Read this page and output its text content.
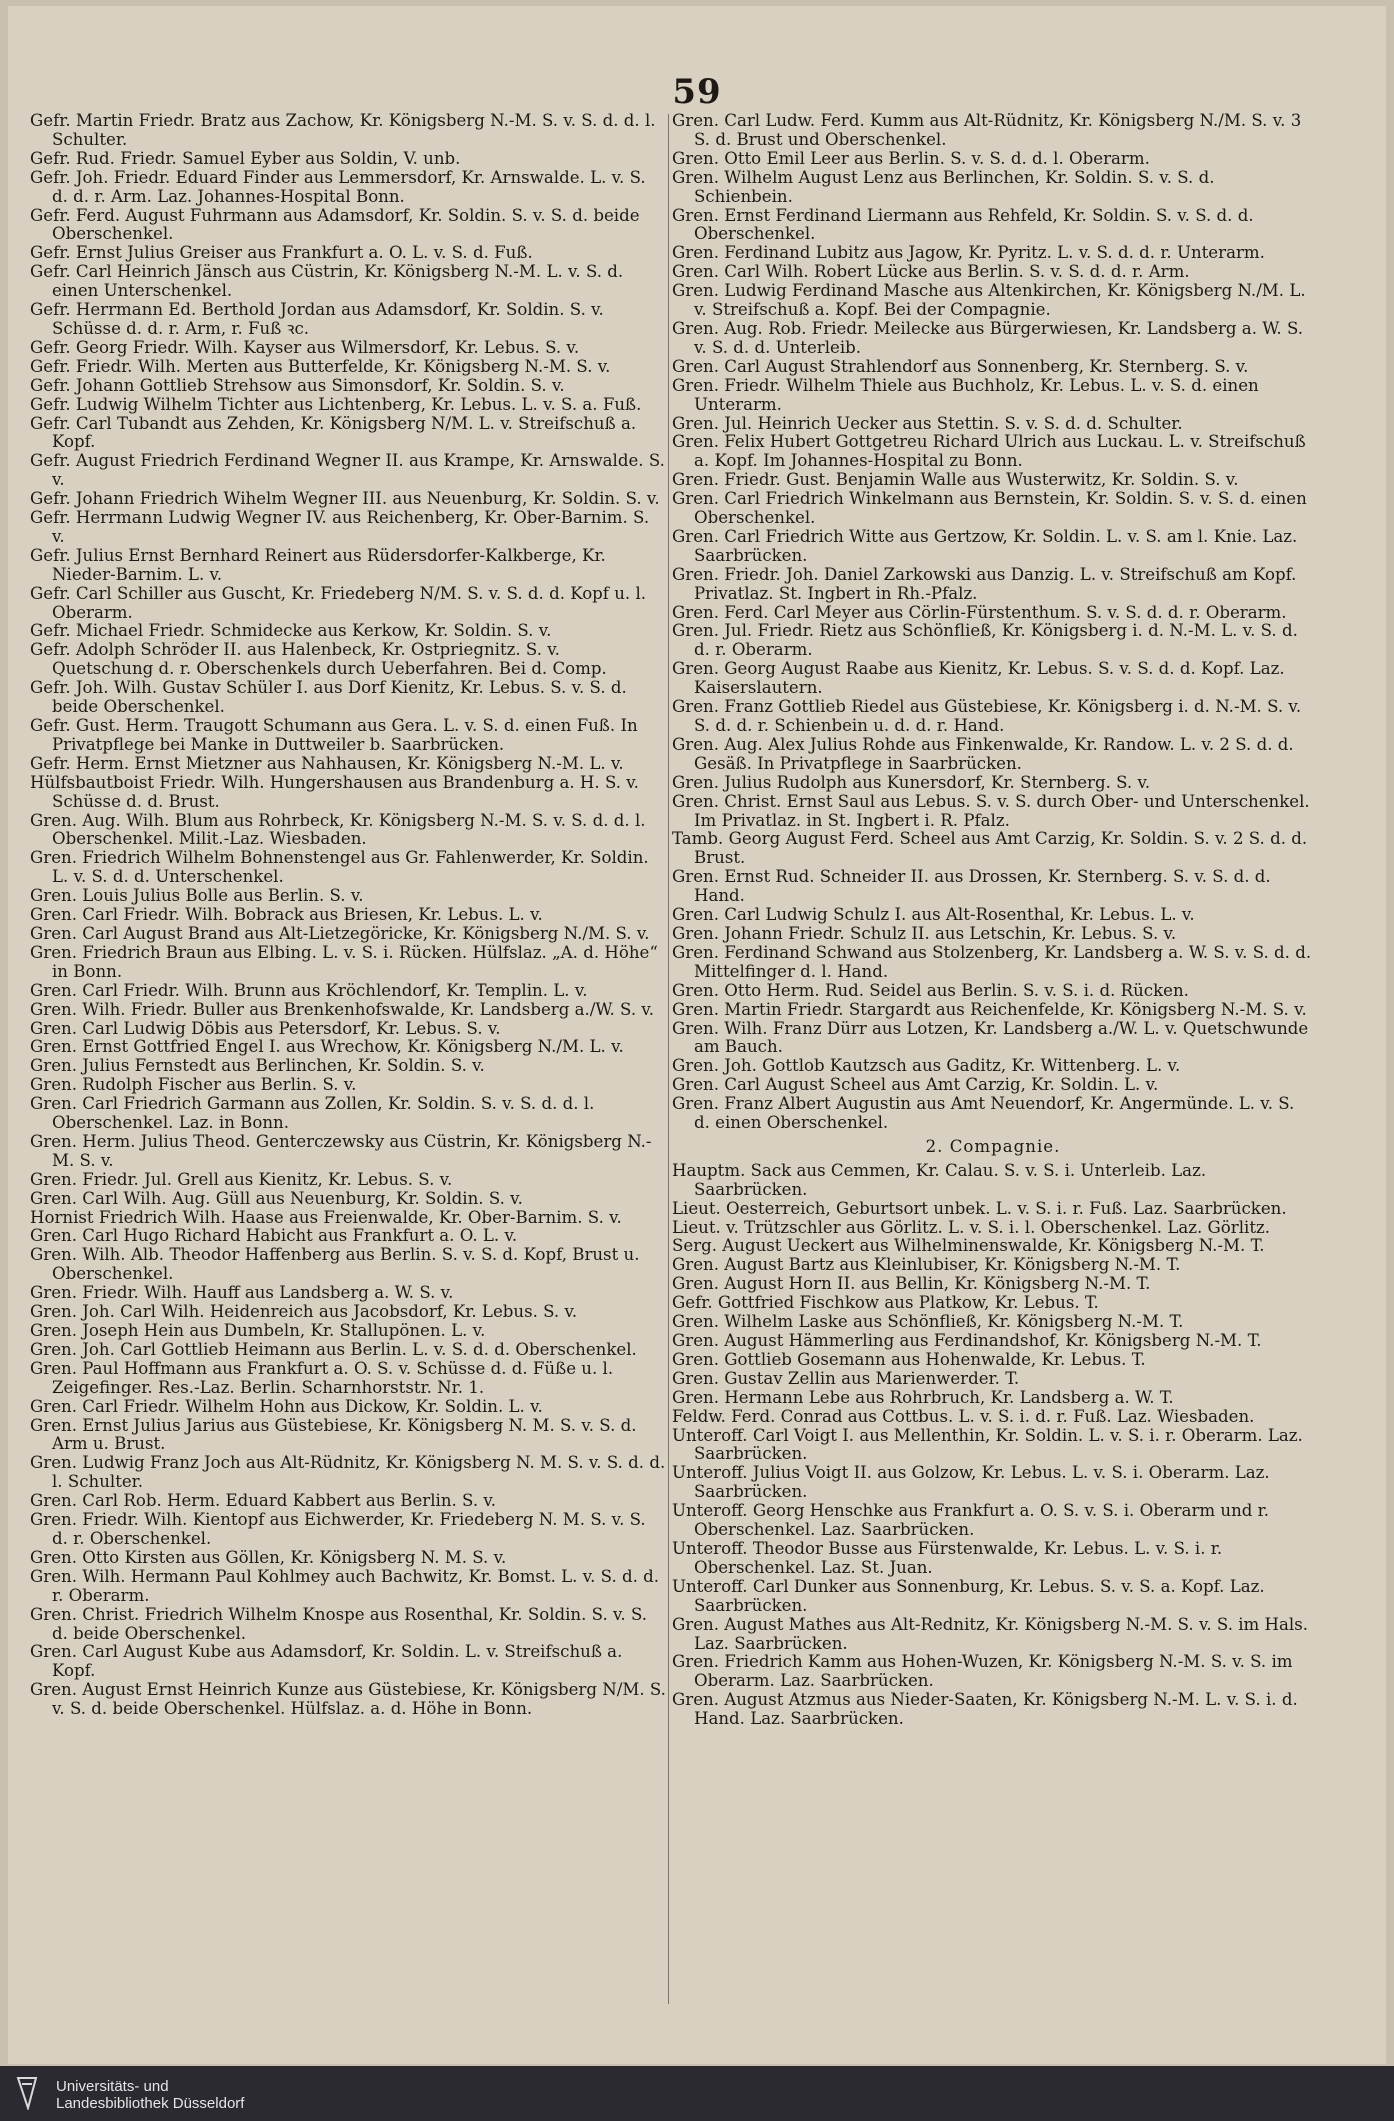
59
Gefr. Martin Friedr. Bratz aus Zachow, Kr. Königsberg N.-M. S. v. S. d. d. l. Schulter.
Gefr. Rud. Friedr. Samuel Eyber aus Soldin, V. unb.
Gefr. Joh. Friedr. Eduard Finder aus Lemmersdorf, Kr. Arnswalde. L. v. S. d. d. r. Arm. Laz. Johannes-Hospital Bonn.
Gefr. Ferd. August Fuhrmann aus Adamsdorf, Kr. Soldin. S. v. S. d. beide Oberschenkel.
Gefr. Ernst Julius Greiser aus Frankfurt a. O. L. v. S. d. Fuß.
Gefr. Carl Heinrich Jänsch aus Cüstrin, Kr. Königsberg N.-M. L. v. S. d. einen Unterschenkel.
Gefr. Herrmann Ed. Berthold Jordan aus Adamsdorf, Kr. Soldin. S. v. Schüsse d. d. r. Arm, r. Fuß ꝛc.
Gefr. Georg Friedr. Wilh. Kayser aus Wilmersdorf, Kr. Lebus. S. v.
Gefr. Friedr. Wilh. Merten aus Butterfelde, Kr. Königsberg N.-M. S. v.
Gefr. Johann Gottlieb Strehsow aus Simonsdorf, Kr. Soldin. S. v.
Gefr. Ludwig Wilhelm Tichter aus Lichtenberg, Kr. Lebus. L. v. S. a. Fuß.
Gefr. Carl Tubandt aus Zehden, Kr. Königsberg N/M. L. v. Streifschuß a. Kopf.
Gefr. August Friedrich Ferdinand Wegner II. aus Krampe, Kr. Arnswalde. S. v.
Gefr. Johann Friedrich Wihelm Wegner III. aus Neuenburg, Kr. Soldin. S. v.
Gefr. Herrmann Ludwig Wegner IV. aus Reichenberg, Kr. Ober-Barnim. S. v.
Gefr. Julius Ernst Bernhard Reinert aus Rüdersdorfer-Kalkberge, Kr. Nieder-Barnim. L. v.
Gefr. Carl Schiller aus Guscht, Kr. Friedeberg N/M. S. v. S. d. d. Kopf u. l. Oberarm.
Gefr. Michael Friedr. Schmidecke aus Kerkow, Kr. Soldin. S. v.
Gefr. Adolph Schröder II. aus Halenbeck, Kr. Ostpriegnitz. S. v. Quetschung d. r. Oberschenkels durch Ueberfahren. Bei d. Comp.
Gefr. Joh. Wilh. Gustav Schüler I. aus Dorf Kienitz, Kr. Lebus. S. v. S. d. beide Oberschenkel.
Gefr. Gust. Herm. Traugott Schumann aus Gera. L. v. S. d. einen Fuß. In Privatpflege bei Manke in Duttweiler b. Saarbrücken.
Gefr. Herm. Ernst Mietzner aus Nahhausen, Kr. Königsberg N.-M. L. v.
Hülfsbautboist Friedr. Wilh. Hungershausen aus Brandenburg a. H. S. v. Schüsse d. d. Brust.
Gren. Aug. Wilh. Blum aus Rohrbeck, Kr. Königsberg N.-M. S. v. S. d. d. l. Oberschenkel. Milit.-Laz. Wiesbaden.
Gren. Friedrich Wilhelm Bohnenstengel aus Gr. Fahlenwerder, Kr. Soldin. L. v. S. d. d. Unterschenkel.
Gren. Louis Julius Bolle aus Berlin. S. v.
Gren. Carl Friedr. Wilh. Bobrack aus Briesen, Kr. Lebus. L. v.
Gren. Carl August Brand aus Alt-Lietzegöricke, Kr. Königsberg N./M. S. v.
Gren. Friedrich Braun aus Elbing. L. v. S. i. Rücken. Hülfslaz. „A. d. Höhe“ in Bonn.
Gren. Carl Friedr. Wilh. Brunn aus Kröchlendorf, Kr. Templin. L. v.
Gren. Wilh. Friedr. Buller aus Brenkenhofswalde, Kr. Landsberg a./W. S. v.
Gren. Carl Ludwig Döbis aus Petersdorf, Kr. Lebus. S. v.
Gren. Ernst Gottfried Engel I. aus Wrechow, Kr. Königsberg N./M. L. v.
Gren. Julius Fernstedt aus Berlinchen, Kr. Soldin. S. v.
Gren. Rudolph Fischer aus Berlin. S. v.
Gren. Carl Friedrich Garmann aus Zollen, Kr. Soldin. S. v. S. d. d. l. Oberschenkel. Laz. in Bonn.
Gren. Herm. Julius Theod. Genterczewsky aus Cüstrin, Kr. Königsberg N.-M. S. v.
Gren. Friedr. Jul. Grell aus Kienitz, Kr. Lebus. S. v.
Gren. Carl Wilh. Aug. Güll aus Neuenburg, Kr. Soldin. S. v.
Hornist Friedrich Wilh. Haase aus Freienwalde, Kr. Ober-Barnim. S. v.
Gren. Carl Hugo Richard Habicht aus Frankfurt a. O. L. v.
Gren. Wilh. Alb. Theodor Haffenberg aus Berlin. S. v. S. d. Kopf, Brust u. Oberschenkel.
Gren. Friedr. Wilh. Hauff aus Landsberg a. W. S. v.
Gren. Joh. Carl Wilh. Heidenreich aus Jacobsdorf, Kr. Lebus. S. v.
Gren. Joseph Hein aus Dumbeln, Kr. Stallupönen. L. v.
Gren. Joh. Carl Gottlieb Heimann aus Berlin. L. v. S. d. d. Oberschenkel.
Gren. Paul Hoffmann aus Frankfurt a. O. S. v. Schüsse d. d. Füße u. l. Zeigefinger. Res.-Laz. Berlin. Scharnhorststr. Nr. 1.
Gren. Carl Friedr. Wilhelm Hohn aus Dickow, Kr. Soldin. L. v.
Gren. Ernst Julius Jarius aus Güstebiese, Kr. Königsberg N. M. S. v. S. d. Arm u. Brust.
Gren. Ludwig Franz Joch aus Alt-Rüdnitz, Kr. Königsberg N. M. S. v. S. d. d. l. Schulter.
Gren. Carl Rob. Herm. Eduard Kabbert aus Berlin. S. v.
Gren. Friedr. Wilh. Kientopf aus Eichwerder, Kr. Friedeberg N. M. S. v. S. d. r. Oberschenkel.
Gren. Otto Kirsten aus Göllen, Kr. Königsberg N. M. S. v.
Gren. Wilh. Hermann Paul Kohlmey auch Bachwitz, Kr. Bomst. L. v. S. d. d. r. Oberarm.
Gren. Christ. Friedrich Wilhelm Knospe aus Rosenthal, Kr. Soldin. S. v. S. d. beide Oberschenkel.
Gren. Carl August Kube aus Adamsdorf, Kr. Soldin. L. v. Streifschuß a. Kopf.
Gren. August Ernst Heinrich Kunze aus Güstebiese, Kr. Königsberg N/M. S. v. S. d. beide Oberschenkel. Hülfslaz. a. d. Höhe in Bonn.
Gren. Carl Ludw. Ferd. Kumm aus Alt-Rüdnitz, Kr. Königsberg N./M. S. v. 3 S. d. Brust und Oberschenkel.
Gren. Otto Emil Leer aus Berlin. S. v. S. d. d. l. Oberarm.
Gren. Wilhelm August Lenz aus Berlinchen, Kr. Soldin. S. v. S. d. Schienbein.
Gren. Ernst Ferdinand Liermann aus Rehfeld, Kr. Soldin. S. v. S. d. d. Oberschenkel.
Gren. Ferdinand Lubitz aus Jagow, Kr. Pyritz. L. v. S. d. d. r. Unterarm.
Gren. Carl Wilh. Robert Lücke aus Berlin. S. v. S. d. d. r. Arm.
Gren. Ludwig Ferdinand Masche aus Altenkirchen, Kr. Königsberg N./M. L. v. Streifschuß a. Kopf. Bei der Compagnie.
Gren. Aug. Rob. Friedr. Meilecke aus Bürgerwiesen, Kr. Landsberg a. W. S. v. S. d. d. Unterleib.
Gren. Carl August Strahlendorf aus Sonnenberg, Kr. Sternberg. S. v.
Gren. Friedr. Wilhelm Thiele aus Buchholz, Kr. Lebus. L. v. S. d. einen Unterarm.
Gren. Jul. Heinrich Uecker aus Stettin. S. v. S. d. d. Schulter.
Gren. Felix Hubert Gottgetreu Richard Ulrich aus Luckau. L. v. Streifschuß a. Kopf. Im Johannes-Hospital zu Bonn.
Gren. Friedr. Gust. Benjamin Walle aus Wusterwitz, Kr. Soldin. S. v.
Gren. Carl Friedrich Winkelmann aus Bernstein, Kr. Soldin. S. v. S. d. einen Oberschenkel.
Gren. Carl Friedrich Witte aus Gertzow, Kr. Soldin. L. v. S. am l. Knie. Laz. Saarbrücken.
Gren. Friedr. Joh. Daniel Zarkowski aus Danzig. L. v. Streifschuß am Kopf. Privatlaz. St. Ingbert in Rh.-Pfalz.
Gren. Ferd. Carl Meyer aus Cörlin-Fürstenthum. S. v. S. d. d. r. Oberarm.
Gren. Jul. Friedr. Rietz aus Schönfließ, Kr. Königsberg i. d. N.-M. L. v. S. d. d. r. Oberarm.
Gren. Georg August Raabe aus Kienitz, Kr. Lebus. S. v. S. d. d. Kopf. Laz. Kaiserslautern.
Gren. Franz Gottlieb Riedel aus Güstebiese, Kr. Königsberg i. d. N.-M. S. v. S. d. d. r. Schienbein u. d. d. r. Hand.
Gren. Aug. Alex Julius Rohde aus Finkenwalde, Kr. Randow. L. v. 2 S. d. d. Gesäß. In Privatpflege in Saarbrücken.
Gren. Julius Rudolph aus Kunersdorf, Kr. Sternberg. S. v.
Gren. Christ. Ernst Saul aus Lebus. S. v. S. durch Ober- und Unterschenkel. Im Privatlaz. in St. Ingbert i. R. Pfalz.
Tamb. Georg August Ferd. Scheel aus Amt Carzig, Kr. Soldin. S. v. 2 S. d. d. Brust.
Gren. Ernst Rud. Schneider II. aus Drossen, Kr. Sternberg. S. v. S. d. d. Hand.
Gren. Carl Ludwig Schulz I. aus Alt-Rosenthal, Kr. Lebus. L. v.
Gren. Johann Friedr. Schulz II. aus Letschin, Kr. Lebus. S. v.
Gren. Ferdinand Schwand aus Stolzenberg, Kr. Landsberg a. W. S. v. S. d. d. Mittelfinger d. l. Hand.
Gren. Otto Herm. Rud. Seidel aus Berlin. S. v. S. i. d. Rücken.
Gren. Martin Friedr. Stargardt aus Reichenfelde, Kr. Königsberg N.-M. S. v.
Gren. Wilh. Franz Dürr aus Lotzen, Kr. Landsberg a./W. L. v. Quetschwunde am Bauch.
Gren. Joh. Gottlob Kautzsch aus Gaditz, Kr. Wittenberg. L. v.
Gren. Carl August Scheel aus Amt Carzig, Kr. Soldin. L. v.
Gren. Franz Albert Augustin aus Amt Neuendorf, Kr. Angermünde. L. v. S. d. einen Oberschenkel.
2. Compagnie.
Hauptm. Sack aus Cemmen, Kr. Calau. S. v. S. i. Unterleib. Laz. Saarbrücken.
Lieut. Oesterreich, Geburtsort unbek. L. v. S. i. r. Fuß. Laz. Saarbrücken.
Lieut. v. Trützschler aus Görlitz. L. v. S. i. l. Oberschenkel. Laz. Görlitz.
Serg. August Ueckert aus Wilhelminenswalde, Kr. Königsberg N.-M. T.
Gren. August Bartz aus Kleinlubiser, Kr. Königsberg N.-M. T.
Gren. August Horn II. aus Bellin, Kr. Königsberg N.-M. T.
Gefr. Gottfried Fischkow aus Platkow, Kr. Lebus. T.
Gren. Wilhelm Laske aus Schönfließ, Kr. Königsberg N.-M. T.
Gren. August Hämmerling aus Ferdinandshof, Kr. Königsberg N.-M. T.
Gren. Gottlieb Gosemann aus Hohenwalde, Kr. Lebus. T.
Gren. Gustav Zellin aus Marienwerder. T.
Gren. Hermann Lebe aus Rohrbruch, Kr. Landsberg a. W. T.
Feldw. Ferd. Conrad aus Cottbus. L. v. S. i. d. r. Fuß. Laz. Wiesbaden.
Unteroff. Carl Voigt I. aus Mellenthin, Kr. Soldin. L. v. S. i. r. Oberarm. Laz. Saarbrücken.
Unteroff. Julius Voigt II. aus Golzow, Kr. Lebus. L. v. S. i. Oberarm. Laz. Saarbrücken.
Unteroff. Georg Henschke aus Frankfurt a. O. S. v. S. i. Oberarm und r. Oberschenkel. Laz. Saarbrücken.
Unteroff. Theodor Busse aus Fürstenwalde, Kr. Lebus. L. v. S. i. r. Oberschenkel. Laz. St. Juan.
Unteroff. Carl Dunker aus Sonnenburg, Kr. Lebus. S. v. S. a. Kopf. Laz. Saarbrücken.
Gren. August Mathes aus Alt-Rednitz, Kr. Königsberg N.-M. S. v. S. im Hals. Laz. Saarbrücken.
Gren. Friedrich Kamm aus Hohen-Wuzen, Kr. Königsberg N.-M. S. v. S. im Oberarm. Laz. Saarbrücken.
Gren. August Atzmus aus Nieder-Saaten, Kr. Königsberg N.-M. L. v. S. i. d. Hand. Laz. Saarbrücken.
Universitäts- und
Landesbibliothek Düsseldorf
